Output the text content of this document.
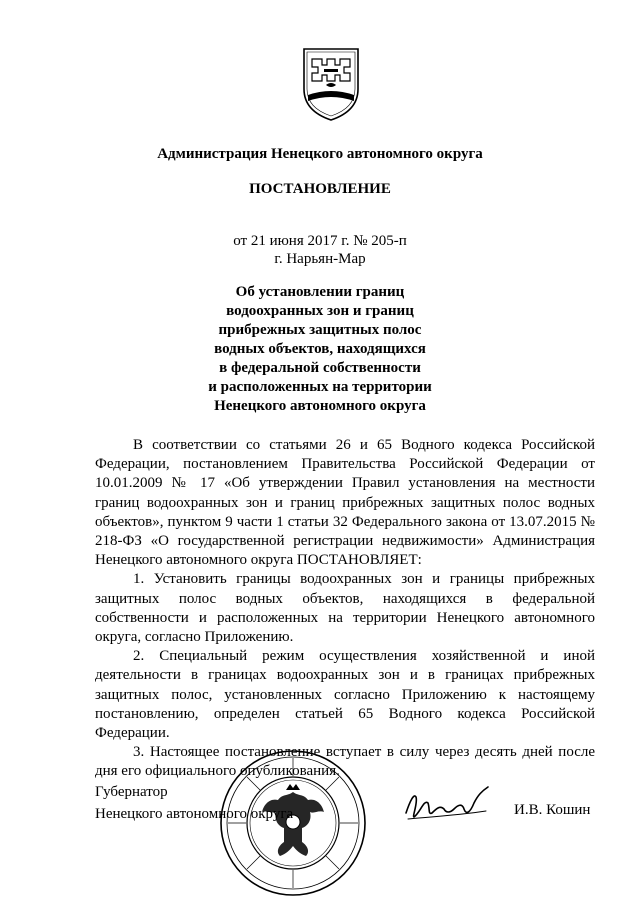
Администрация Ненецкого автономного округа
ПОСТАНОВЛЕНИЕ
от 21 июня 2017 г. № 205-п
г. Нарьян-Мар
Об установлении границ
водоохранных зон и границ
прибрежных защитных полос
водных объектов, находящихся
в федеральной собственности
и расположенных на территории
Ненецкого автономного округа

В соответствии со статьями 26 и 65 Водного кодекса Российской Федерации, постановлением Правительства Российской Федерации от 10.01.2009 № 17 «Об утверждении Правил установления на местности границ водоохранных зон и границ прибрежных защитных полос водных объектов», пунктом 9 части 1 статьи 32 Федерального закона от 13.07.2015 № 218-ФЗ «О государственной регистрации недвижимости» Администрация Ненецкого автономного округа ПОСТАНОВЛЯЕТ:

1. Установить границы водоохранных зон и границы прибрежных защитных полос водных объектов, находящихся в федеральной собственности и расположенных на территории Ненецкого автономного округа, согласно Приложению.

2. Специальный режим осуществления хозяйственной и иной деятельности в границах водоохранных зон и в границах прибрежных защитных полос, установленных согласно Приложению к настоящему постановлению, определен статьей 65 Водного кодекса Российской Федерации.

3. Настоящее постановление вступает в силу через десять дней после дня его официального опубликования.

Губернатор
Ненецкого автономного округа	И.В. Кошин
